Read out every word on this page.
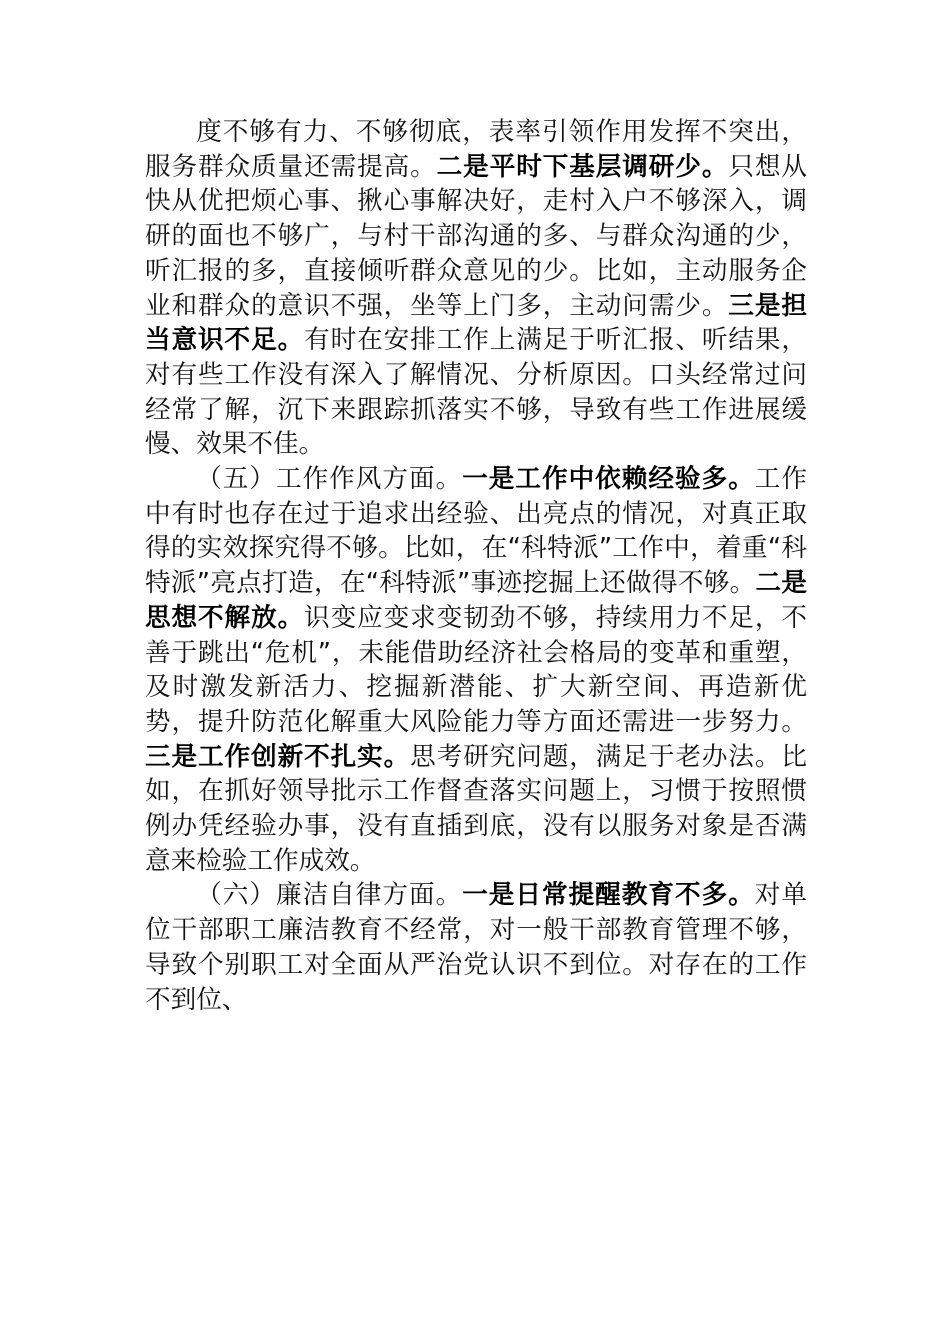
度不够有力、不够彻底，表率引领作用发挥不突出，服务群众质量还需提高。二是平时下基层调研少。只想从快从优把烦心事、揪心事解决好，走村入户不够深入，调研的面也不够广，与村干部沟通的多、与群众沟通的少，听汇报的多，直接倾听群众意见的少。比如，主动服务企业和群众的意识不强，坐等上门多，主动问需少。三是担当意识不足。有时在安排工作上满足于听汇报、听结果，对有些工作没有深入了解情况、分析原因。口头经常过问经常了解，沉下来跟踪抓落实不够，导致有些工作进展缓慢、效果不佳。

（五）工作作风方面。一是工作中依赖经验多。工作中有时也存在过于追求出经验、出亮点的情况，对真正取得的实效探究得不够。比如，在“科特派”工作中，着重“科特派”亮点打造，在“科特派”事迹挖掘上还做得不够。二是思想不解放。识变应变求变韧劲不够，持续用力不足，不善于跳出“危机”，未能借助经济社会格局的变革和重塑，及时激发新活力、挖掘新潜能、扩大新空间、再造新优势，提升防范化解重大风险能力等方面还需进一步努力。三是工作创新不扎实。思考研究问题，满足于老办法。比如，在抓好领导批示工作督查落实问题上，习惯于按照惯例办凭经验办事，没有直插到底，没有以服务对象是否满意来检验工作成效。

（六）廉洁自律方面。一是日常提醒教育不多。对单位干部职工廉洁教育不经常，对一般干部教育管理不够，导致个别职工对全面从严治党认识不到位。对存在的工作不到位、
